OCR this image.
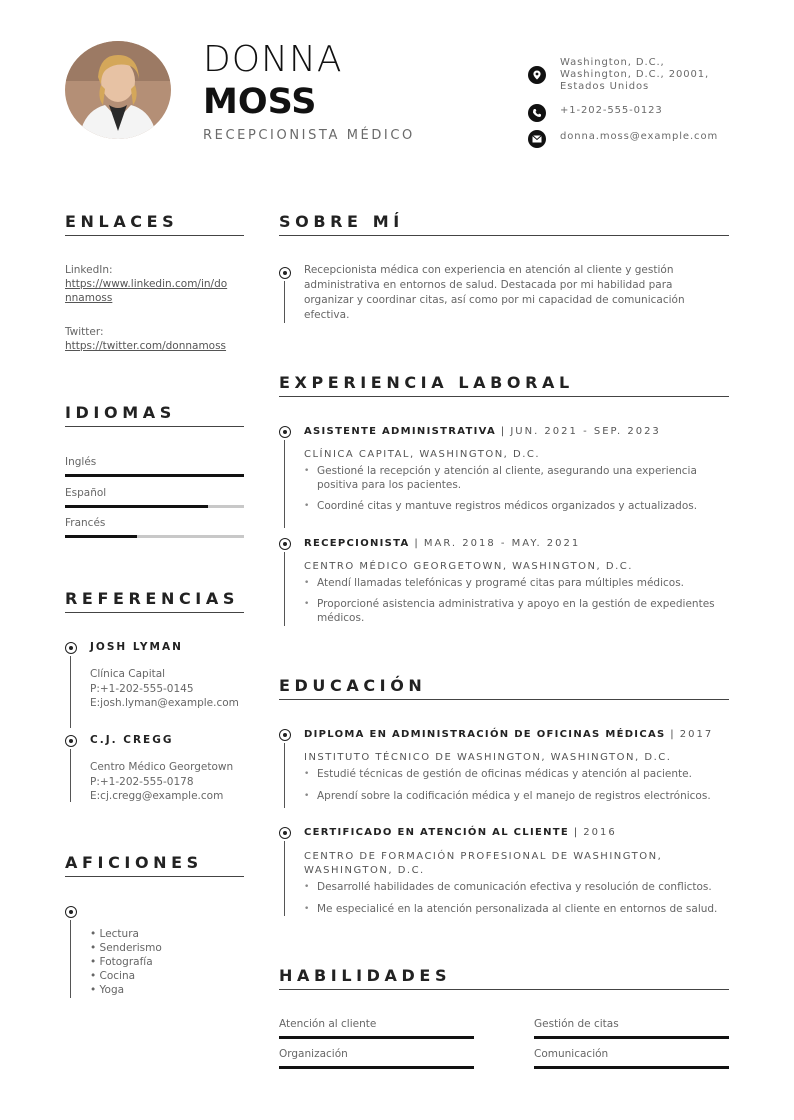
DONNA
MOSS
RECEPCIONISTA MÉDICO
Washington, D.C.,
Washington, D.C., 20001,
Estados Unidos
+1-202-555-0123
donna.moss@example.com
ENLACES
LinkedIn:
https://www.linkedin.com/in/do
nnamoss
Twitter:
https://twitter.com/donnamoss
IDIOMAS
Inglés
Español
Francés
REFERENCIAS
JOSH LYMAN
Clínica Capital
P:+1-202-555-0145
E:josh.lyman@example.com
C.J. CREGG
Centro Médico Georgetown
P:+1-202-555-0178
E:cj.cregg@example.com
AFICIONES
• Lectura
• Senderismo
• Fotografía
• Cocina
• Yoga
SOBRE MÍ
Recepcionista médica con experiencia en atención al cliente y gestión
administrativa en entornos de salud. Destacada por mi habilidad para
organizar y coordinar citas, así como por mi capacidad de comunicación
efectiva.
EXPERIENCIA LABORAL
ASISTENTE ADMINISTRATIVA | JUN. 2021 - SEP. 2023
CLÍNICA CAPITAL, WASHINGTON, D.C.
• Gestioné la recepción y atención al cliente, asegurando una experiencia
positiva para los pacientes.
• Coordiné citas y mantuve registros médicos organizados y actualizados.
RECEPCIONISTA | MAR. 2018 - MAY. 2021
CENTRO MÉDICO GEORGETOWN, WASHINGTON, D.C.
• Atendí llamadas telefónicas y programé citas para múltiples médicos.
• Proporcioné asistencia administrativa y apoyo en la gestión de expedientes
médicos.
EDUCACIÓN
DIPLOMA EN ADMINISTRACIÓN DE OFICINAS MÉDICAS | 2017
INSTITUTO TÉCNICO DE WASHINGTON, WASHINGTON, D.C.
• Estudié técnicas de gestión de oficinas médicas y atención al paciente.
• Aprendí sobre la codificación médica y el manejo de registros electrónicos.
CERTIFICADO EN ATENCIÓN AL CLIENTE | 2016
CENTRO DE FORMACIÓN PROFESIONAL DE WASHINGTON,
WASHINGTON, D.C.
• Desarrollé habilidades de comunicación efectiva y resolución de conflictos.
• Me especialicé en la atención personalizada al cliente en entornos de salud.
HABILIDADES
Atención al cliente	Gestión de citas
Organización	Comunicación
